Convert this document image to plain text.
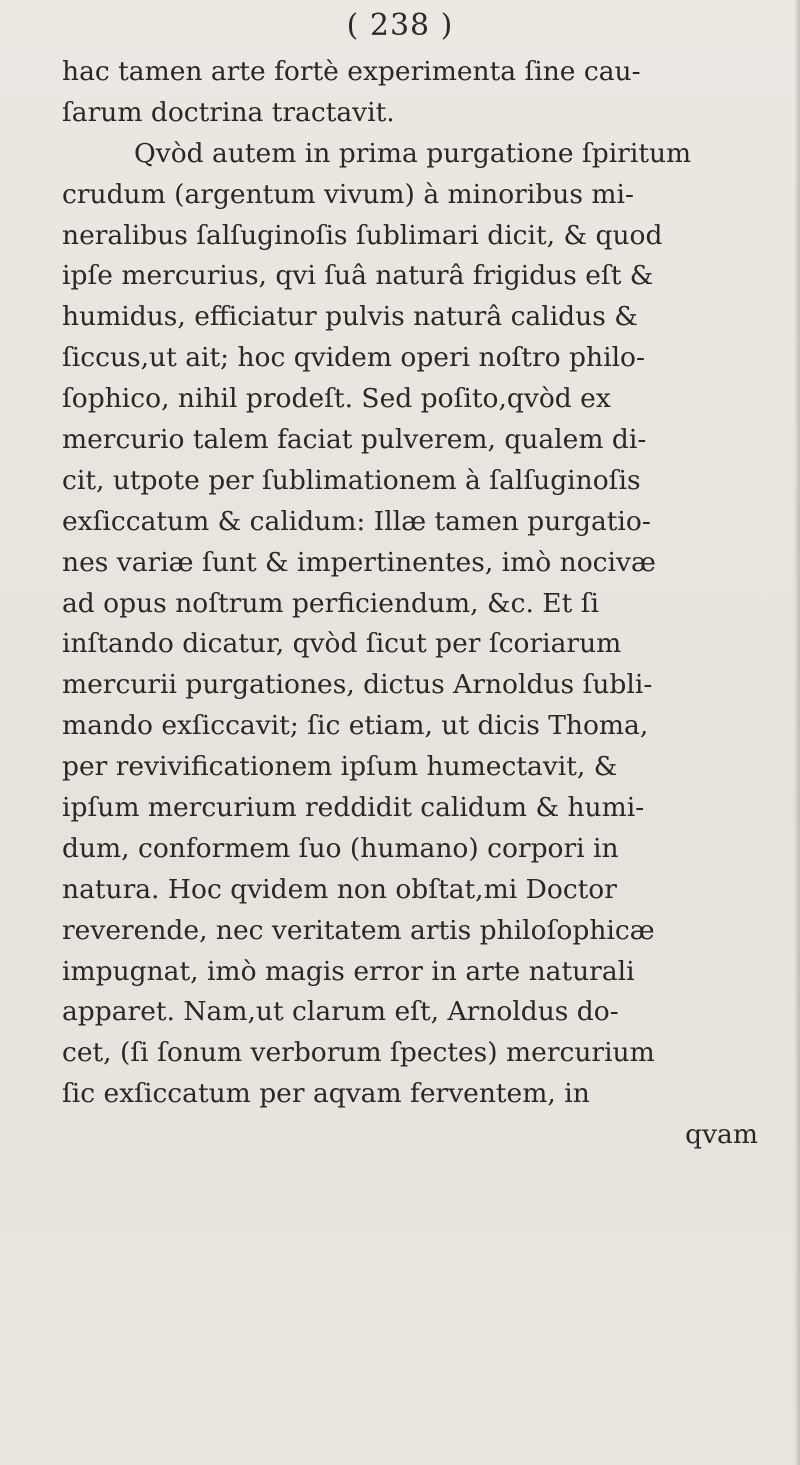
( 238 )
hac tamen arte fortè experimenta ſine cau-
ſarum doctrina tractavit.
Qvòd autem in prima purgatione ſpiritum
crudum (argentum vivum) à minoribus mi-
neralibus ſalſuginoſis ſublimari dicit, & quod
ipſe mercurius, qvi ſuâ naturâ frigidus eſt &
humidus, efficiatur pulvis naturâ calidus &
ſiccus,ut ait; hoc qvidem operi noſtro philo-
ſophico, nihil prodeſt. Sed poſito,qvòd ex
mercurio talem faciat pulverem, qualem di-
cit, utpote per ſublimationem à ſalſuginoſis
exſiccatum & calidum: Illæ tamen purgatio-
nes variæ ſunt & impertinentes, imò nocivæ
ad opus noſtrum perficiendum, &c. Et ſi
inſtando dicatur, qvòd ſicut per ſcoriarum
mercurii purgationes, dictus Arnoldus ſubli-
mando exſiccavit; ſic etiam, ut dicis Thoma,
per revivificationem ipſum humectavit, &
ipſum mercurium reddidit calidum & humi-
dum, conformem ſuo (humano) corpori in
natura. Hoc qvidem non obſtat,mi Doctor
reverende, nec veritatem artis philoſophicæ
impugnat, imò magis error in arte naturali
apparet. Nam,ut clarum eſt, Arnoldus do-
cet, (ſi ſonum verborum ſpectes) mercurium
ſic exſiccatum per aqvam ferventem, in
qvam
